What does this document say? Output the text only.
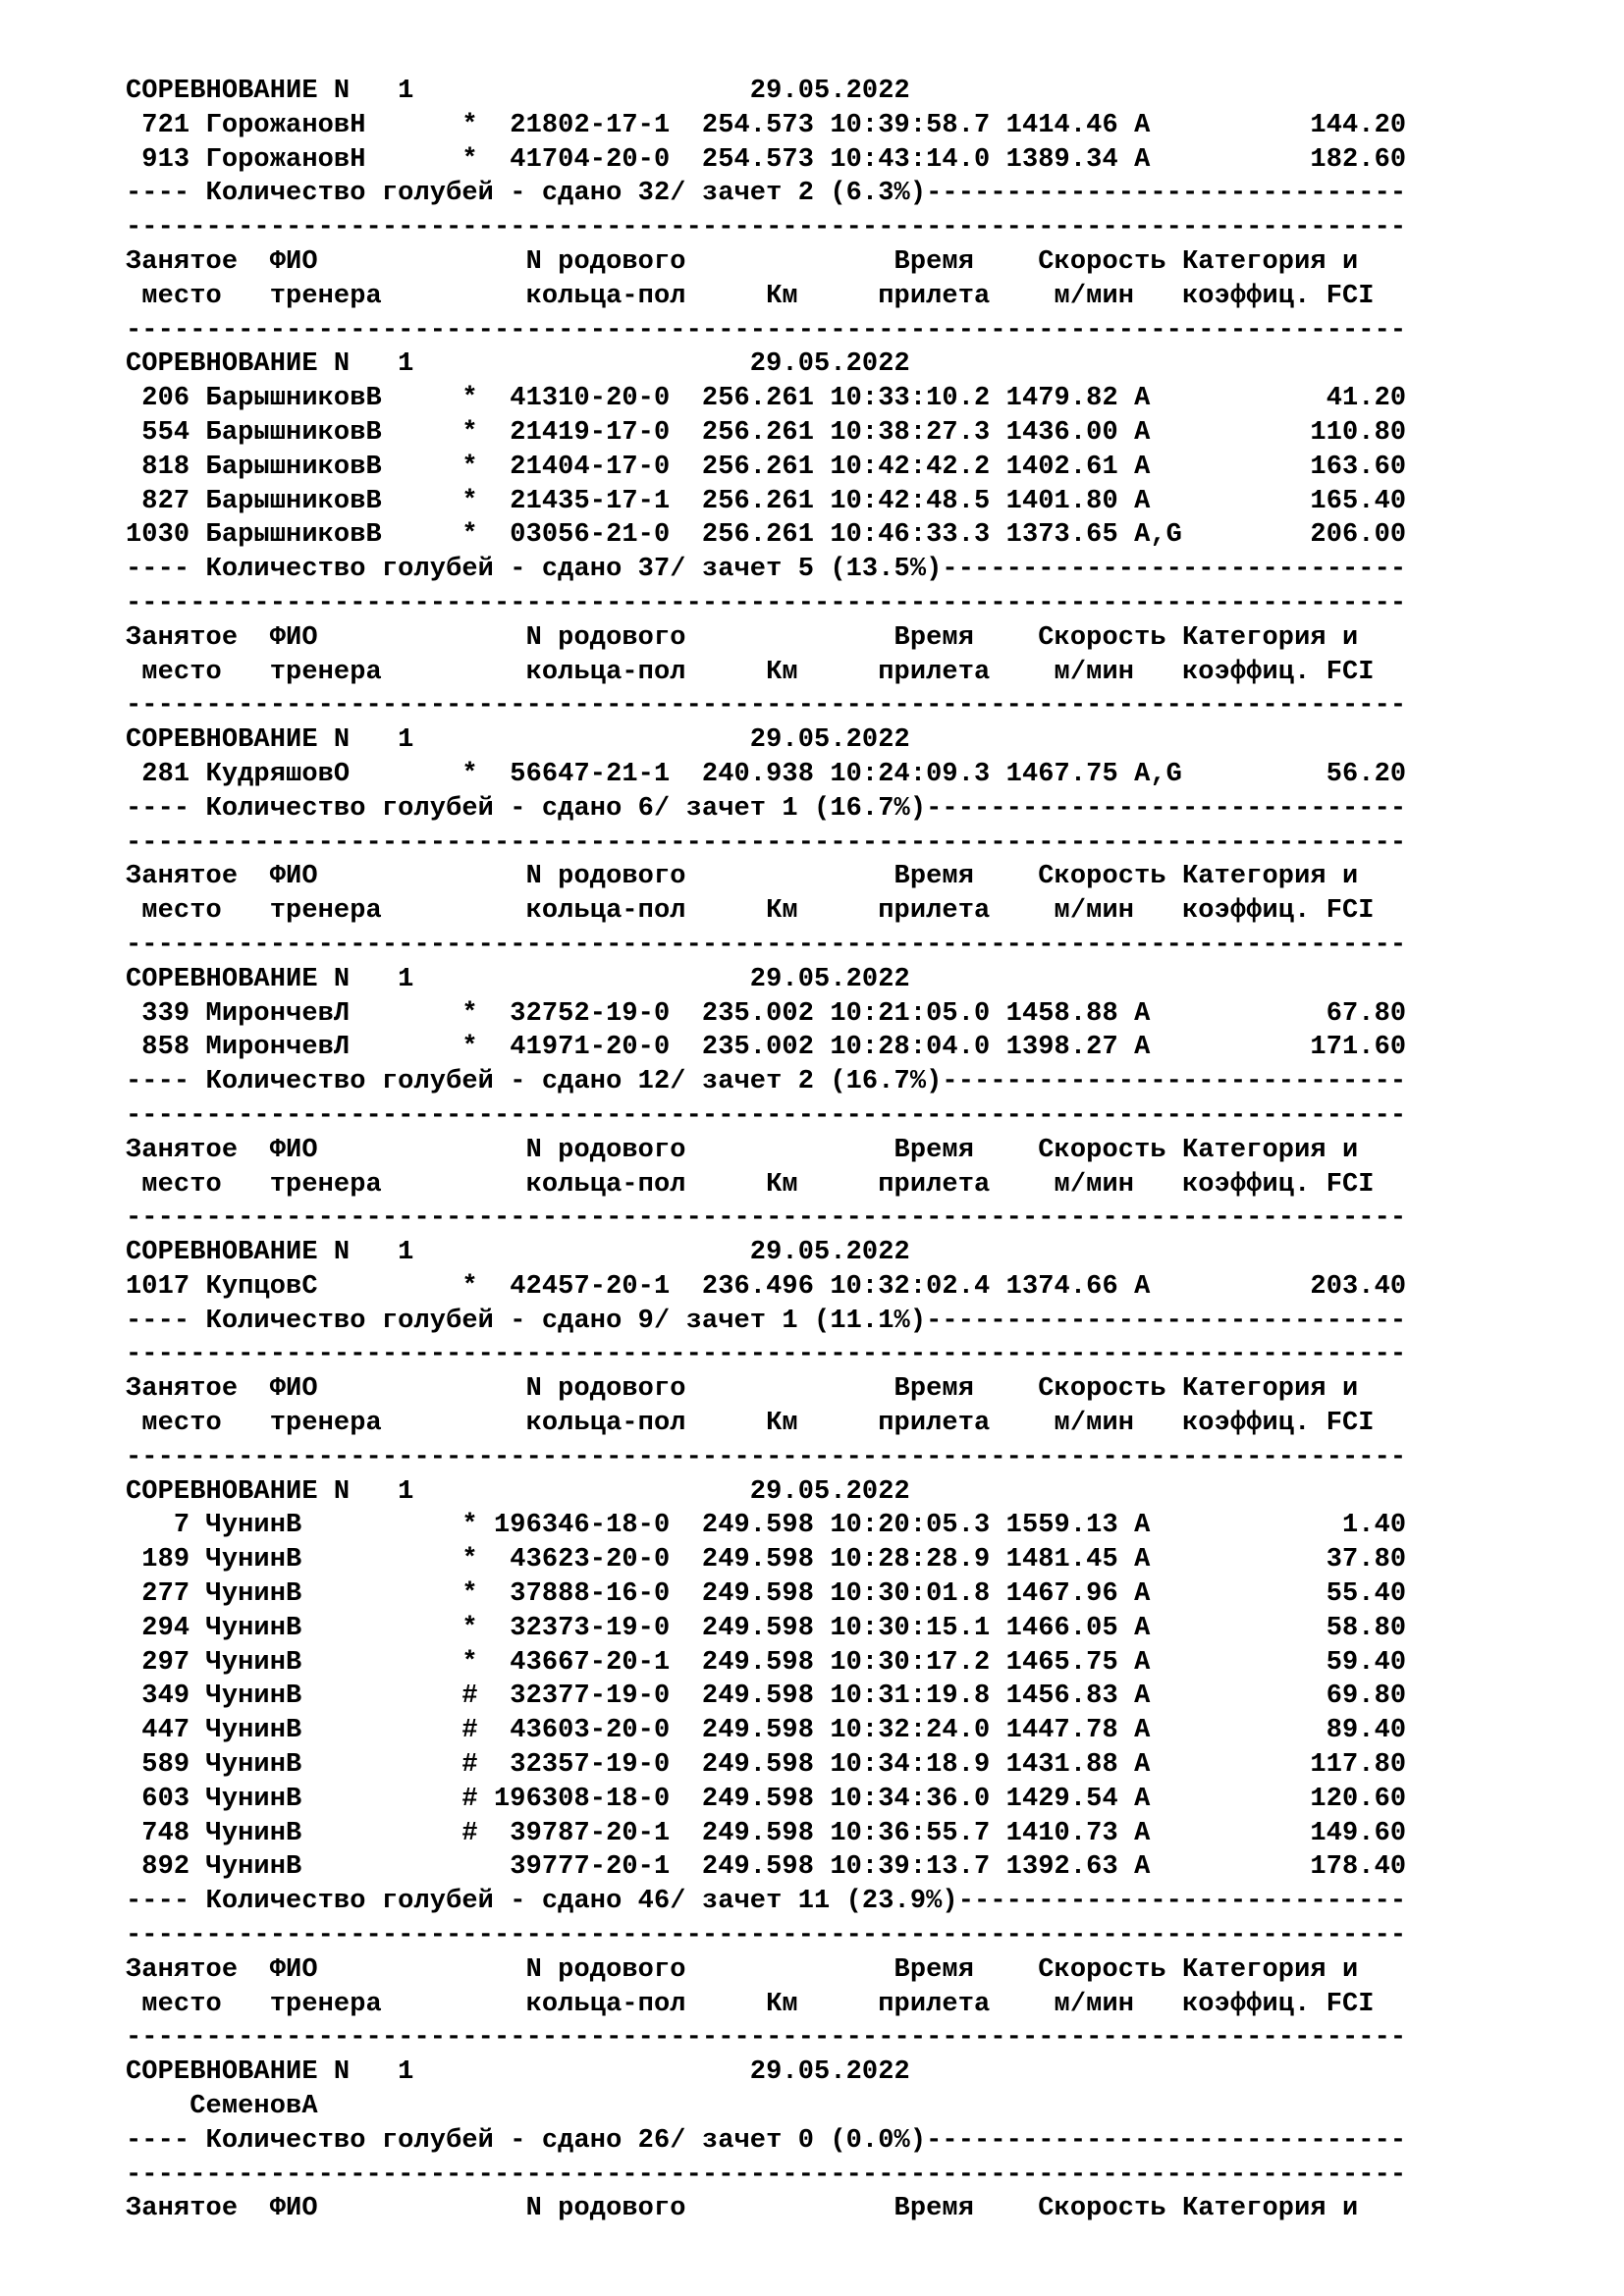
СОРЕВНОВАНИЕ N   1                     29.05.2022
721 ГорожановН      *  21802-17-1  254.573 10:39:58.7 1414.46 A          144.20
913 ГорожановН      *  41704-20-0  254.573 10:43:14.0 1389.34 A          182.60
---- Количество голубей - сдано 32/ зачет 2 (6.3%)------------------------------
--------------------------------------------------------------------------------
Занятое  ФИО             N родового             Время    Скорость Категория и
место   тренера         кольца-пол     Км     прилета    м/мин   коэффиц. FCI
--------------------------------------------------------------------------------
СОРЕВНОВАНИЕ N   1                     29.05.2022
206 БарышниковВ     *  41310-20-0  256.261 10:33:10.2 1479.82 A           41.20
554 БарышниковВ     *  21419-17-0  256.261 10:38:27.3 1436.00 A          110.80
818 БарышниковВ     *  21404-17-0  256.261 10:42:42.2 1402.61 A          163.60
827 БарышниковВ     *  21435-17-1  256.261 10:42:48.5 1401.80 A          165.40
1030 БарышниковВ     *  03056-21-0  256.261 10:46:33.3 1373.65 A,G        206.00
---- Количество голубей - сдано 37/ зачет 5 (13.5%)-----------------------------
--------------------------------------------------------------------------------
Занятое  ФИО             N родового             Время    Скорость Категория и
место   тренера         кольца-пол     Км     прилета    м/мин   коэффиц. FCI
--------------------------------------------------------------------------------
СОРЕВНОВАНИЕ N   1                     29.05.2022
281 КудряшовО       *  56647-21-1  240.938 10:24:09.3 1467.75 A,G         56.20
---- Количество голубей - сдано 6/ зачет 1 (16.7%)------------------------------
--------------------------------------------------------------------------------
Занятое  ФИО             N родового             Время    Скорость Категория и
место   тренера         кольца-пол     Км     прилета    м/мин   коэффиц. FCI
--------------------------------------------------------------------------------
СОРЕВНОВАНИЕ N   1                     29.05.2022
339 МирончевЛ       *  32752-19-0  235.002 10:21:05.0 1458.88 A           67.80
858 МирончевЛ       *  41971-20-0  235.002 10:28:04.0 1398.27 A          171.60
---- Количество голубей - сдано 12/ зачет 2 (16.7%)-----------------------------
--------------------------------------------------------------------------------
Занятое  ФИО             N родового             Время    Скорость Категория и
место   тренера         кольца-пол     Км     прилета    м/мин   коэффиц. FCI
--------------------------------------------------------------------------------
СОРЕВНОВАНИЕ N   1                     29.05.2022
1017 КупцовС         *  42457-20-1  236.496 10:32:02.4 1374.66 A          203.40
---- Количество голубей - сдано 9/ зачет 1 (11.1%)------------------------------
--------------------------------------------------------------------------------
Занятое  ФИО             N родового             Время    Скорость Категория и
место   тренера         кольца-пол     Км     прилета    м/мин   коэффиц. FCI
--------------------------------------------------------------------------------
СОРЕВНОВАНИЕ N   1                     29.05.2022
7 ЧунинВ          * 196346-18-0  249.598 10:20:05.3 1559.13 A            1.40
189 ЧунинВ          *  43623-20-0  249.598 10:28:28.9 1481.45 A           37.80
277 ЧунинВ          *  37888-16-0  249.598 10:30:01.8 1467.96 A           55.40
294 ЧунинВ          *  32373-19-0  249.598 10:30:15.1 1466.05 A           58.80
297 ЧунинВ          *  43667-20-1  249.598 10:30:17.2 1465.75 A           59.40
349 ЧунинВ          #  32377-19-0  249.598 10:31:19.8 1456.83 A           69.80
447 ЧунинВ          #  43603-20-0  249.598 10:32:24.0 1447.78 A           89.40
589 ЧунинВ          #  32357-19-0  249.598 10:34:18.9 1431.88 A          117.80
603 ЧунинВ          # 196308-18-0  249.598 10:34:36.0 1429.54 A          120.60
748 ЧунинВ          #  39787-20-1  249.598 10:36:55.7 1410.73 A          149.60
892 ЧунинВ             39777-20-1  249.598 10:39:13.7 1392.63 A          178.40
---- Количество голубей - сдано 46/ зачет 11 (23.9%)----------------------------
--------------------------------------------------------------------------------
Занятое  ФИО             N родового             Время    Скорость Категория и
место   тренера         кольца-пол     Км     прилета    м/мин   коэффиц. FCI
--------------------------------------------------------------------------------
СОРЕВНОВАНИЕ N   1                     29.05.2022
СеменовА
---- Количество голубей - сдано 26/ зачет 0 (0.0%)------------------------------
--------------------------------------------------------------------------------
Занятое  ФИО             N родового             Время    Скорость Категория и
